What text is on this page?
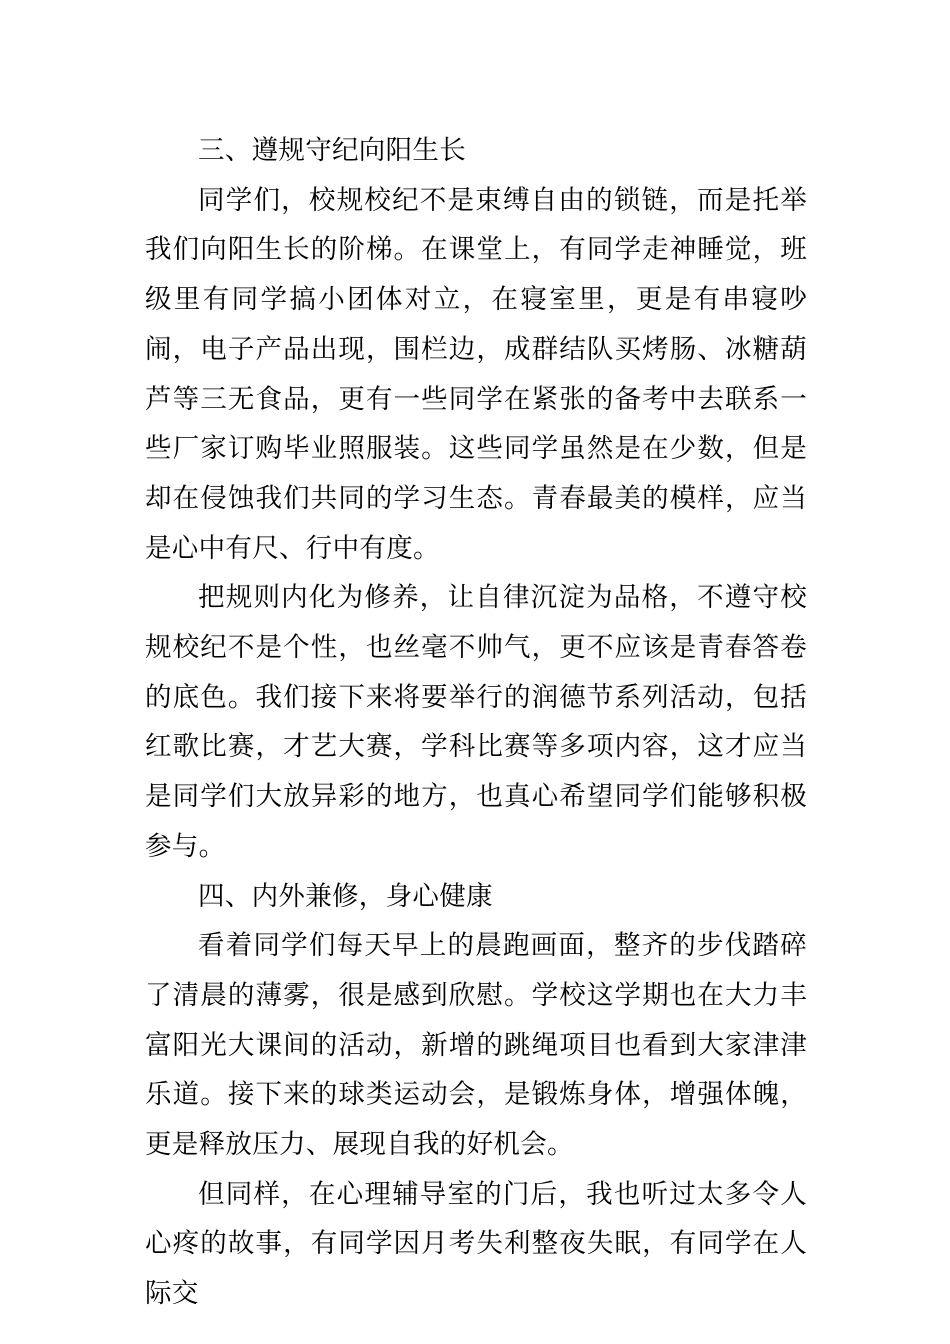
三、遵规守纪向阳生长

同学们，校规校纪不是束缚自由的锁链，而是托举我们向阳生长的阶梯。在课堂上，有同学走神睡觉，班级里有同学搞小团体对立，在寝室里，更是有串寝吵闹，电子产品出现，围栏边，成群结队买烤肠、冰糖葫芦等三无食品，更有一些同学在紧张的备考中去联系一些厂家订购毕业照服装。这些同学虽然是在少数，但是却在侵蚀我们共同的学习生态。青春最美的模样，应当是心中有尺、行中有度。

把规则内化为修养，让自律沉淀为品格，不遵守校规校纪不是个性，也丝毫不帅气，更不应该是青春答卷的底色。我们接下来将要举行的润德节系列活动，包括红歌比赛，才艺大赛，学科比赛等多项内容，这才应当是同学们大放异彩的地方，也真心希望同学们能够积极参与。

四、内外兼修，身心健康

看着同学们每天早上的晨跑画面，整齐的步伐踏碎了清晨的薄雾，很是感到欣慰。学校这学期也在大力丰富阳光大课间的活动，新增的跳绳项目也看到大家津津乐道。接下来的球类运动会，是锻炼身体，增强体魄，更是释放压力、展现自我的好机会。

但同样，在心理辅导室的门后，我也听过太多令人心疼的故事，有同学因月考失利整夜失眠，有同学在人际交
